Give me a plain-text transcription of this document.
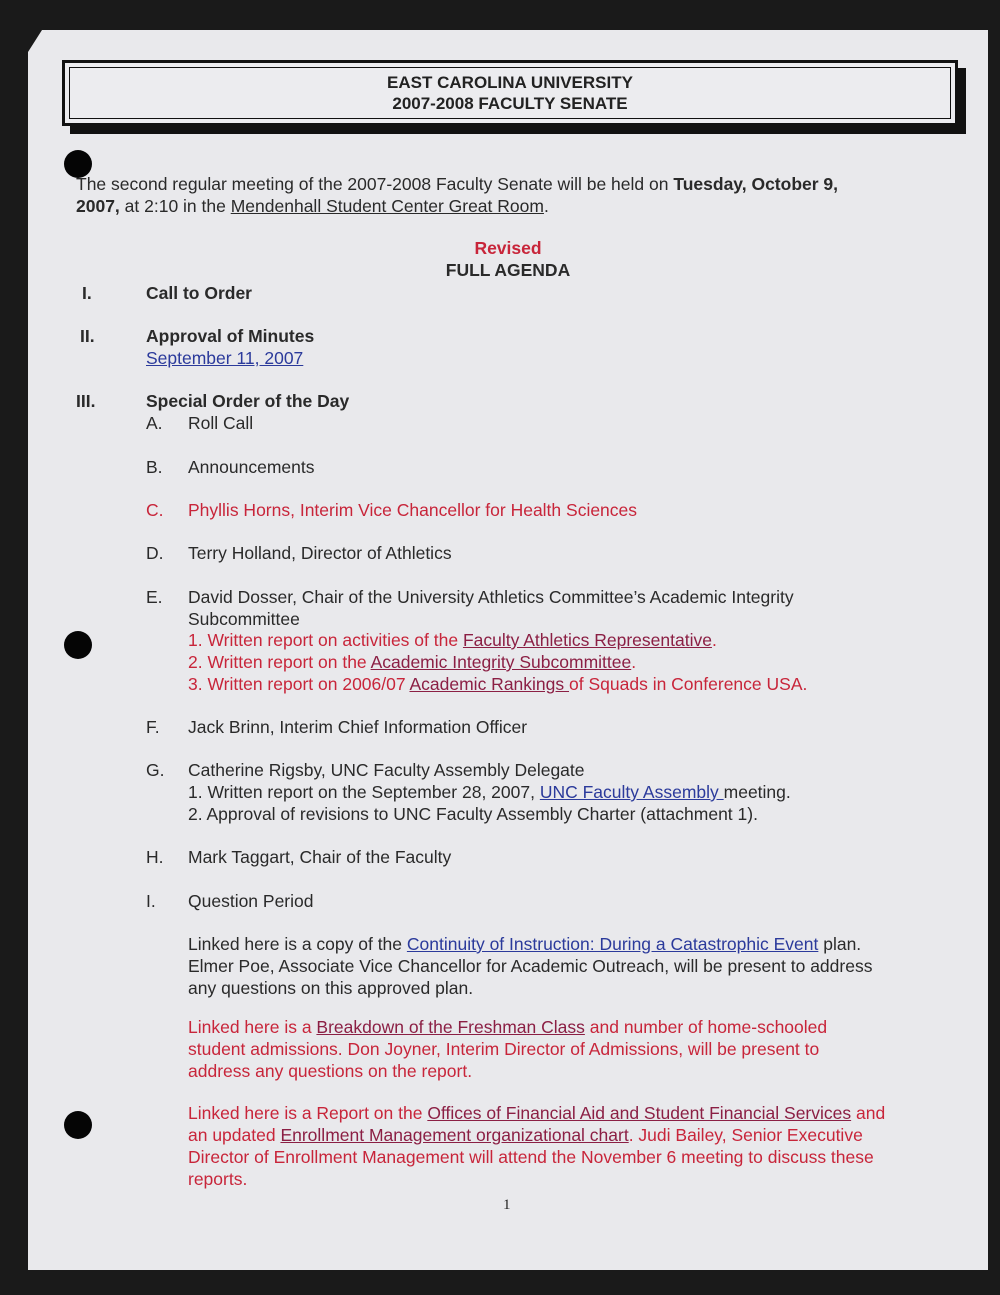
EAST CAROLINA UNIVERSITY
2007-2008 FACULTY SENATE
The second regular meeting of the 2007-2008 Faculty Senate will be held on Tuesday, October 9,
2007, at 2:10 in the Mendenhall Student Center Great Room.
Revised
FULL AGENDA
I.	Call to Order
II.	Approval of Minutes
September 11, 2007
III.	Special Order of the Day
A. Roll Call
B. Announcements
C. Phyllis Horns, Interim Vice Chancellor for Health Sciences
D. Terry Holland, Director of Athletics
E. David Dosser, Chair of the University Athletics Committee’s Academic Integrity
Subcommittee
1. Written report on activities of the Faculty Athletics Representative.
2. Written report on the Academic Integrity Subcommittee.
3. Written report on 2006/07 Academic Rankings of Squads in Conference USA.
F. Jack Brinn, Interim Chief Information Officer
G. Catherine Rigsby, UNC Faculty Assembly Delegate
1. Written report on the September 28, 2007, UNC Faculty Assembly meeting.
2. Approval of revisions to UNC Faculty Assembly Charter (attachment 1).
H. Mark Taggart, Chair of the Faculty
I. Question Period
Linked here is a copy of the Continuity of Instruction: During a Catastrophic Event plan.
Elmer Poe, Associate Vice Chancellor for Academic Outreach, will be present to address
any questions on this approved plan.
Linked here is a Breakdown of the Freshman Class and number of home-schooled
student admissions. Don Joyner, Interim Director of Admissions, will be present to
address any questions on the report.
Linked here is a Report on the Offices of Financial Aid and Student Financial Services and
an updated Enrollment Management organizational chart. Judi Bailey, Senior Executive
Director of Enrollment Management will attend the November 6 meeting to discuss these
reports.
1
